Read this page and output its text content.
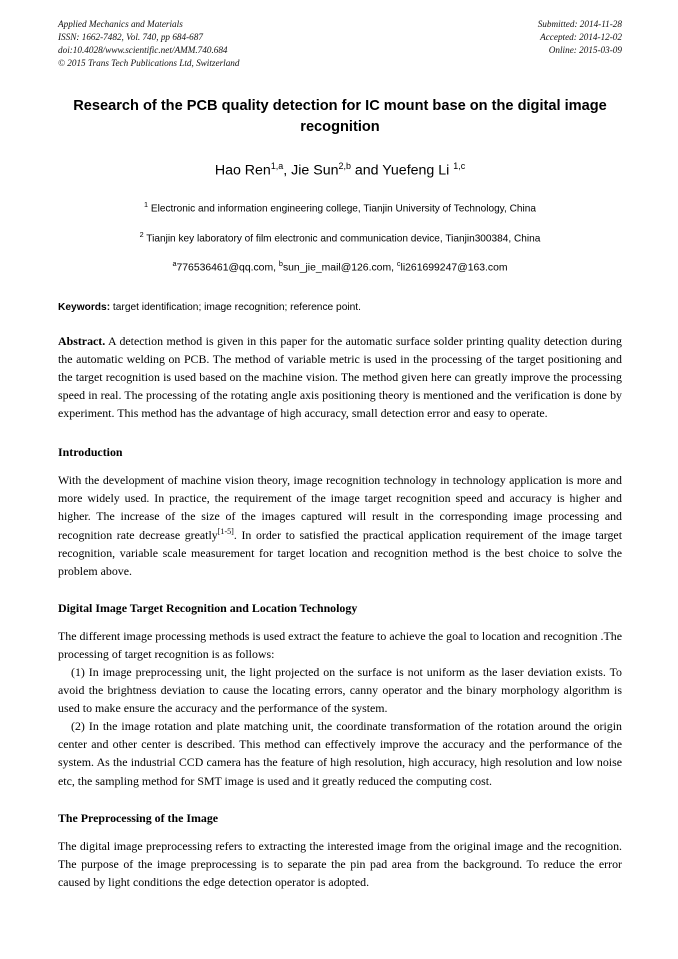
Applied Mechanics and Materials
ISSN: 1662-7482, Vol. 740, pp 684-687
doi:10.4028/www.scientific.net/AMM.740.684
© 2015 Trans Tech Publications Ltd, Switzerland
Submitted: 2014-11-28
Accepted: 2014-12-02
Online: 2015-03-09
Research of the PCB quality detection for IC mount base on the digital image recognition
Hao Ren$^{1,a}$, Jie Sun$^{2,b}$ and Yuefeng Li $^{1,c}$
$^1$ Electronic and information engineering college, Tianjin University of Technology, China
$^2$ Tianjin key laboratory of film electronic and communication device, Tianjin300384, China
$^a$776536461@qq.com, $^b$sun_jie_mail@126.com, $^c$li261699247@163.com
Keywords: target identification; image recognition; reference point.

Abstract. A detection method is given in this paper for the automatic surface solder printing quality detection during the automatic welding on PCB. The method of variable metric is used in the processing of the target positioning and the target recognition is used based on the machine vision. The method given here can greatly improve the processing speed in real. The processing of the rotating angle axis positioning theory is mentioned and the verification is done by experiment. This method has the advantage of high accuracy, small detection error and easy to operate.

Introduction

With the development of machine vision theory, image recognition technology in technology application is more and more widely used. In practice, the requirement of the image target recognition speed and accuracy is higher and higher. The increase of the size of the images captured will result in the corresponding image processing and recognition rate decrease greatly[1-5]. In order to satisfied the practical application requirement of the image target recognition, variable scale measurement for target location and recognition method is the best choice to solve the problem above.

Digital Image Target Recognition and Location Technology

The different image processing methods is used extract the feature to achieve the goal to location and recognition .The processing of target recognition is as follows:

(1) In image preprocessing unit, the light projected on the surface is not uniform as the laser deviation exists. To avoid the brightness deviation to cause the locating errors, canny operator and the binary morphology algorithm is used to make ensure the accuracy and the performance of the system.

(2) In the image rotation and plate matching unit, the coordinate transformation of the rotation around the origin center and other center is described. This method can effectively improve the accuracy and the performance of the system. As the industrial CCD camera has the feature of high resolution, high accuracy, high resolution and low noise etc, the sampling method for SMT image is used and it greatly reduced the computing cost.

The Preprocessing of the Image

The digital image preprocessing refers to extracting the interested image from the original image and the recognition. The purpose of the image preprocessing is to separate the pin pad area from the background. To reduce the error caused by light conditions the edge detection operator is adopted.
